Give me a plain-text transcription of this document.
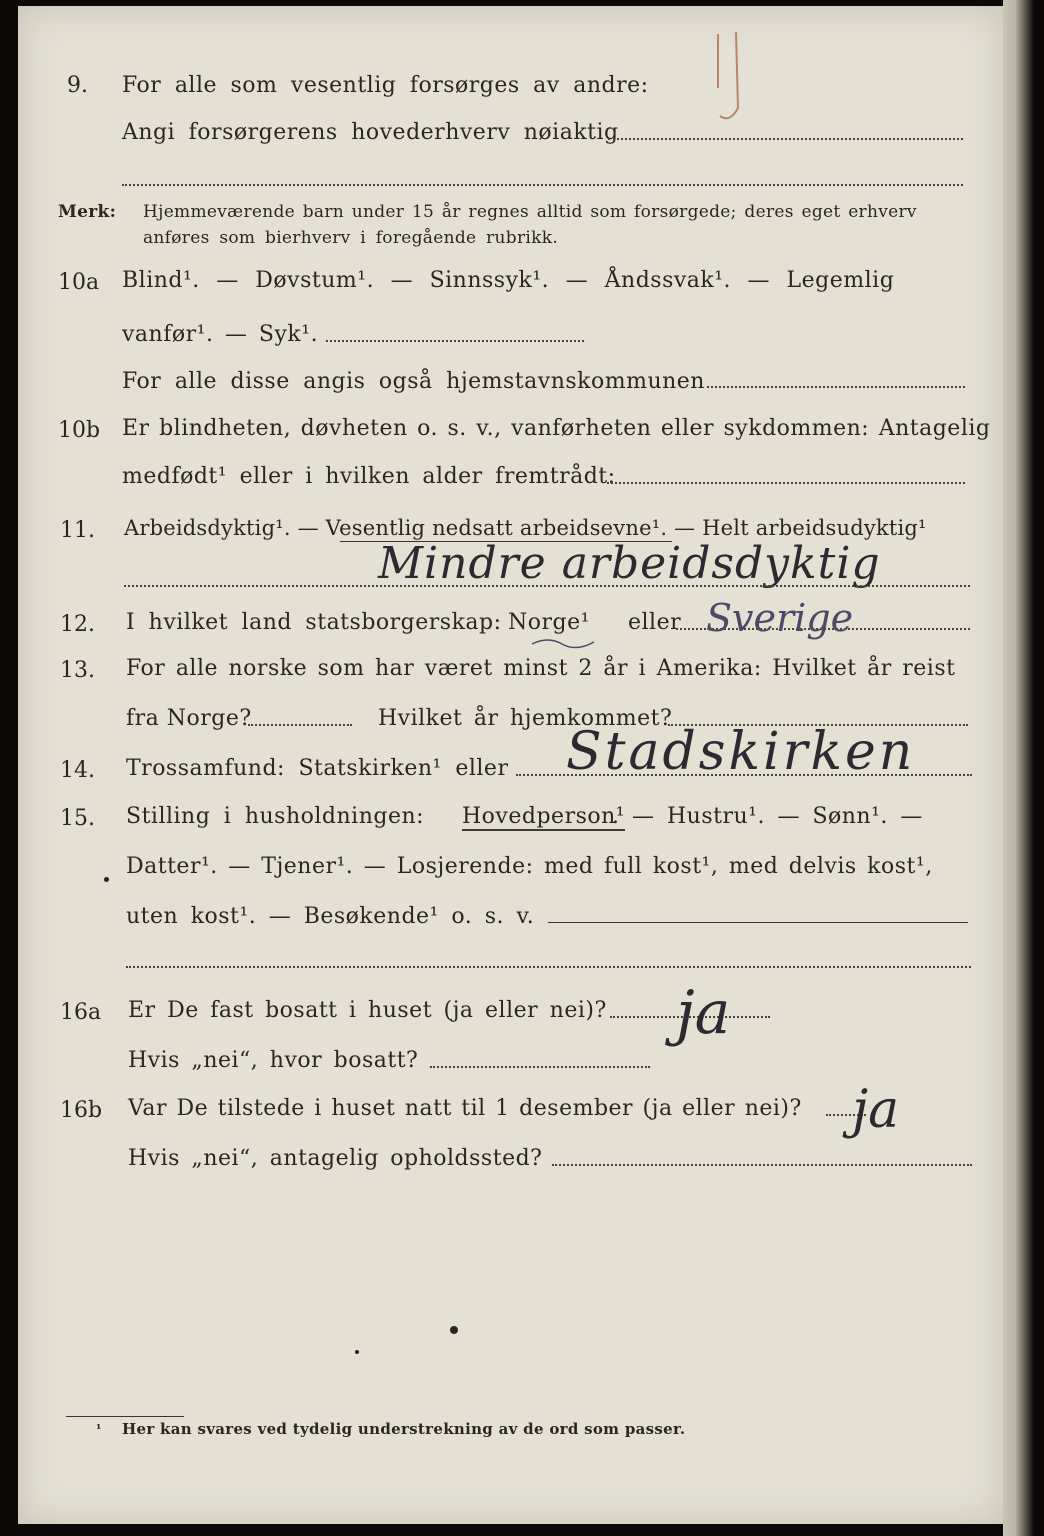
9. For alle som vesentlig forsørges av andre:
Angi forsørgerens hovederhverv nøiaktig
Merk: Hjemmeværende barn under 15 år regnes alltid som forsørgede; deres eget erhverv
anføres som bierhverv i foregående rubrikk.
10a Blind¹. — Døvstum¹. — Sinnssyk¹. — Åndssvak¹. — Legemlig
vanfør¹. — Syk¹.
For alle disse angis også hjemstavnskommunen
10b Er blindheten, døvheten o. s. v., vanførheten eller sykdommen: Antagelig
medfødt¹ eller i hvilken alder fremtrådt:
11. Arbeidsdyktig¹. — Vesentlig nedsatt arbeidsevne¹. — Helt arbeidsudyktig¹
Mindre arbeidsdyktig
12. I hvilket land statsborgerskap: Norge¹ eller Sverige
13. For alle norske som har været minst 2 år i Amerika: Hvilket år reist
fra Norge?	Hvilket år hjemkommet?
14. Trossamfund: Statskirken¹ eller Stadskirken
15. Stilling i husholdningen: Hovedperson¹
. — Hustru¹. — Sønn¹. —
Datter¹. — Tjener¹. — Losjerende: med full kost¹, med delvis kost¹,
uten kost¹. — Besøkende¹ o. s. v.
16a Er De fast bosatt i huset (ja eller nei)? ja
Hvis „nei“, hvor bosatt?
16b Var De tilstede i huset natt til 1 desember (ja eller nei)? ja
Hvis „nei“, antagelig opholdssted?
¹ Her kan svares ved tydelig understrekning av de ord som passer.
